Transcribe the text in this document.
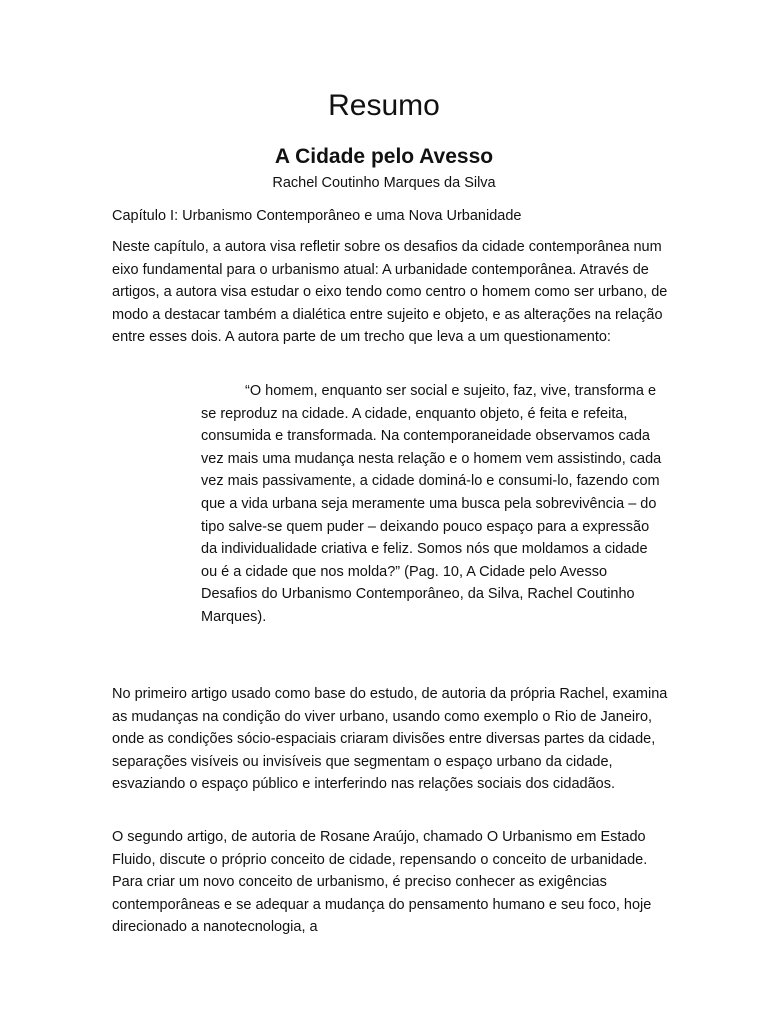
Resumo
A Cidade pelo Avesso

Rachel Coutinho Marques da Silva

Capítulo I: Urbanismo Contemporâneo e uma Nova Urbanidade

Neste capítulo, a autora visa refletir sobre os desafios da cidade contemporânea num eixo fundamental para o urbanismo atual: A urbanidade contemporânea. Através de artigos, a autora visa estudar o eixo tendo como centro o homem como ser urbano, de modo a destacar também a dialética entre sujeito e objeto, e as alterações na relação entre esses dois. A autora parte de um trecho que leva a um questionamento:

“O homem, enquanto ser social e sujeito, faz, vive, transforma e se reproduz na cidade. A cidade, enquanto objeto, é feita e refeita, consumida e transformada. Na contemporaneidade observamos cada vez mais uma mudança nesta relação e o homem vem assistindo, cada vez mais passivamente, a cidade dominá-lo e consumi-lo, fazendo com que a vida urbana seja meramente uma busca pela sobrevivência – do tipo salve-se quem puder – deixando pouco espaço para a expressão da individualidade criativa e feliz. Somos nós que moldamos a cidade ou é a cidade que nos molda?” (Pag. 10, A Cidade pelo Avesso Desafios do Urbanismo Contemporâneo, da Silva, Rachel Coutinho Marques).

No primeiro artigo usado como base do estudo, de autoria da própria Rachel, examina as mudanças na condição do viver urbano, usando como exemplo o Rio de Janeiro, onde as condições sócio-espaciais criaram divisões entre diversas partes da cidade, separações visíveis ou invisíveis que segmentam o espaço urbano da cidade, esvaziando o espaço público e interferindo nas relações sociais dos cidadãos.

O segundo artigo, de autoria de Rosane Araújo, chamado O Urbanismo em Estado Fluido, discute o próprio conceito de cidade, repensando o conceito de urbanidade. Para criar um novo conceito de urbanismo, é preciso conhecer as exigências contemporâneas e se adequar a mudança do pensamento humano e seu foco, hoje direcionado a nanotecnologia, a
